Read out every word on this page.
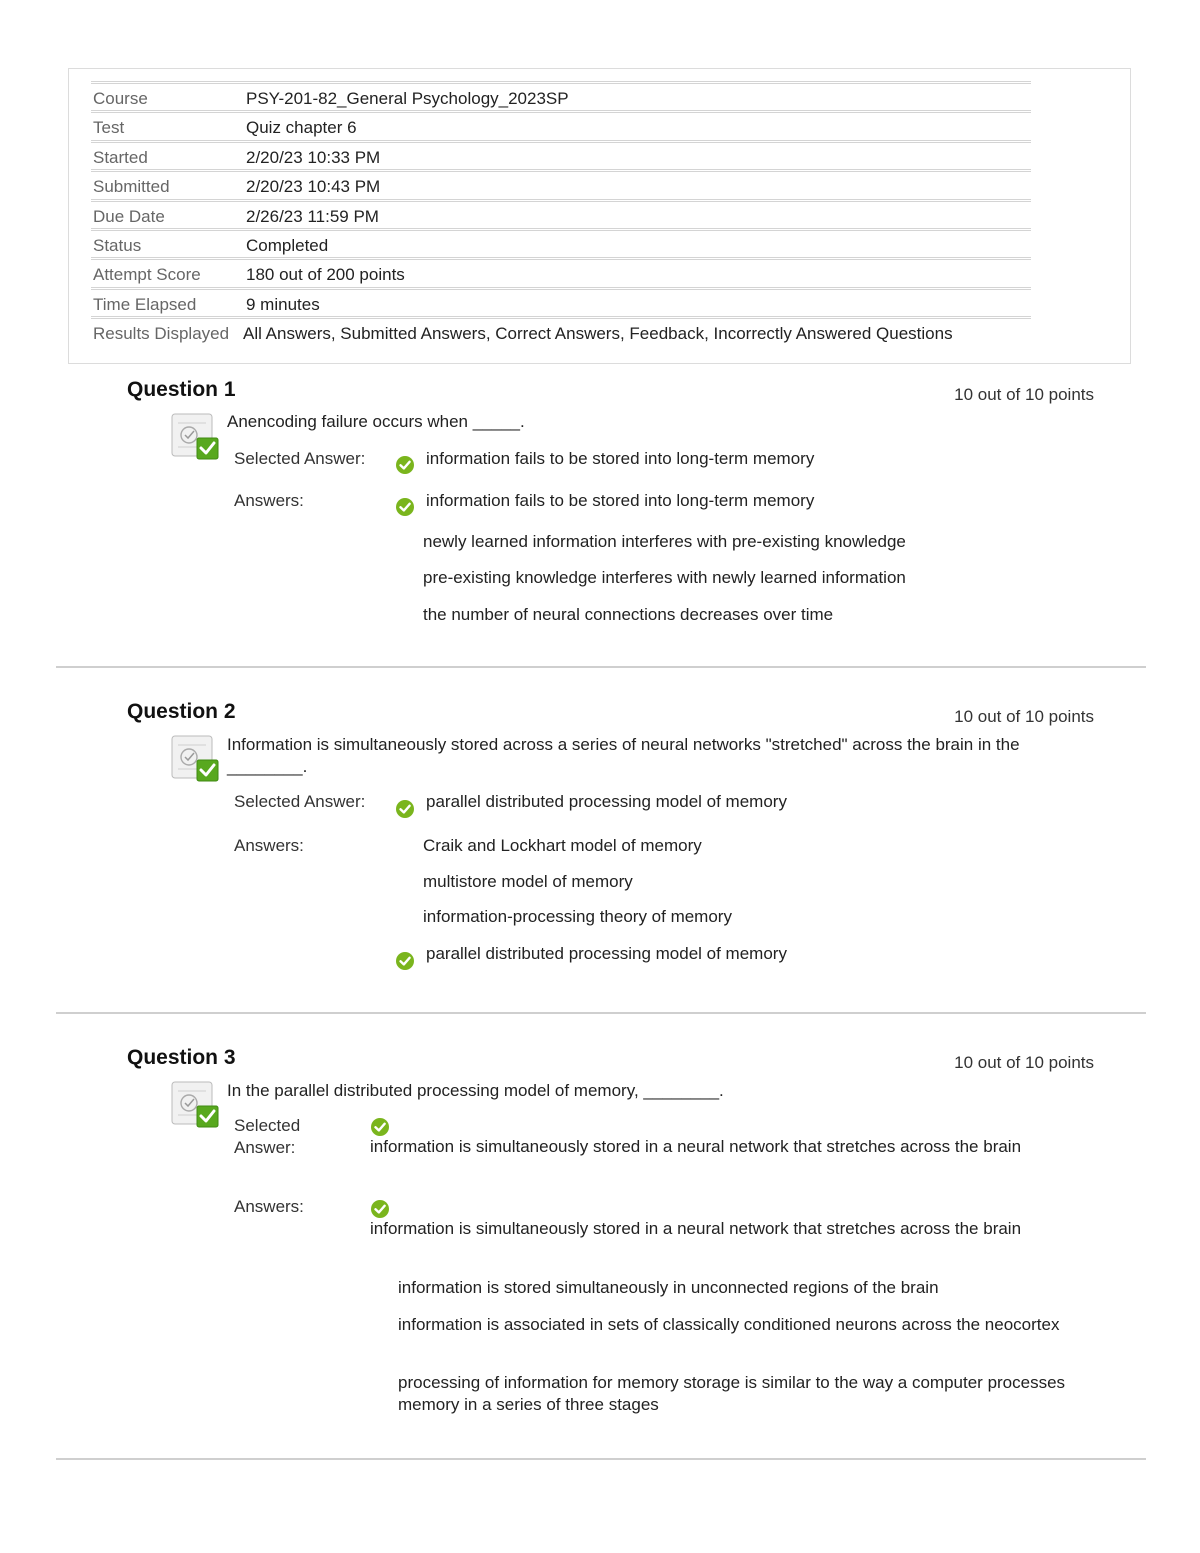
Course	PSY-201-82_General Psychology_2023SP
Test	Quiz chapter 6
Started	2/20/23 10:33 PM
Submitted	2/20/23 10:43 PM
Due Date	2/26/23 11:59 PM
Status	Completed
Attempt Score	180 out of 200 points
Time Elapsed	9 minutes
Results Displayed All Answers, Submitted Answers, Correct Answers, Feedback, Incorrectly Answered Questions
Question 1	10 out of 10 points
Anencoding failure occurs when _____.
Selected Answer:	information fails to be stored into long-term memory
Answers:	information fails to be stored into long-term memory
newly learned information interferes with pre-existing knowledge
pre-existing knowledge interferes with newly learned information
the number of neural connections decreases over time
Question 2	10 out of 10 points
Information is simultaneously stored across a series of neural networks "stretched" across the brain in the ________.
Selected Answer:	parallel distributed processing model of memory
Answers:	Craik and Lockhart model of memory
multistore model of memory
information-processing theory of memory
parallel distributed processing model of memory
Question 3	10 out of 10 points
In the parallel distributed processing model of memory, ________.
Selected
Answer:	information is simultaneously stored in a neural network that stretches across the brain
Answers:
information is simultaneously stored in a neural network that stretches across the brain
information is stored simultaneously in unconnected regions of the brain
information is associated in sets of classically conditioned neurons across the neocortex
processing of information for memory storage is similar to the way a computer processes memory in a series of three stages
